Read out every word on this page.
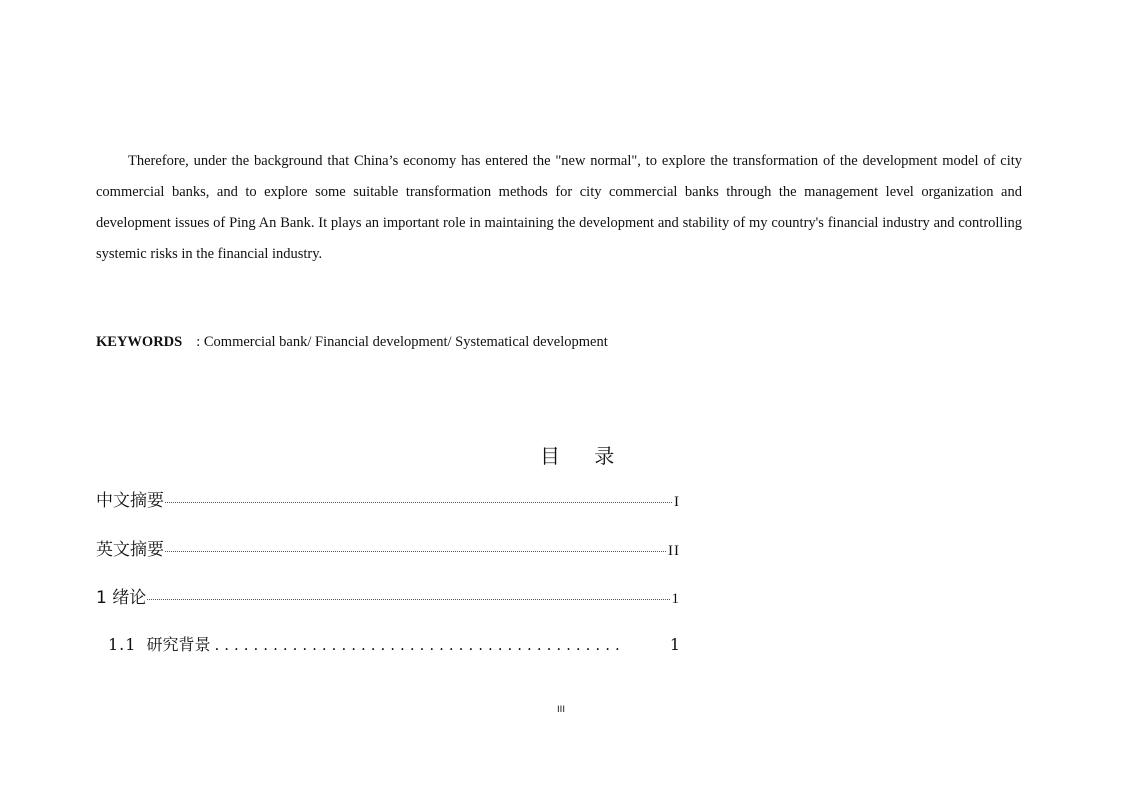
Therefore, under the background that China’s economy has entered the "new normal", to explore the transformation of the development model of city commercial banks, and to explore some suitable transformation methods for city commercial banks through the management level organization and development issues of Ping An Bank. It plays an important role in maintaining the development and stability of my country's financial industry and controlling systemic risks in the financial industry.

KEYWORDS : Commercial bank/ Financial development/ Systematical development
目 录
中文摘要	I
英文摘要	II
1 绪论	1
1.1 研究背景 ..........................................	1
III
